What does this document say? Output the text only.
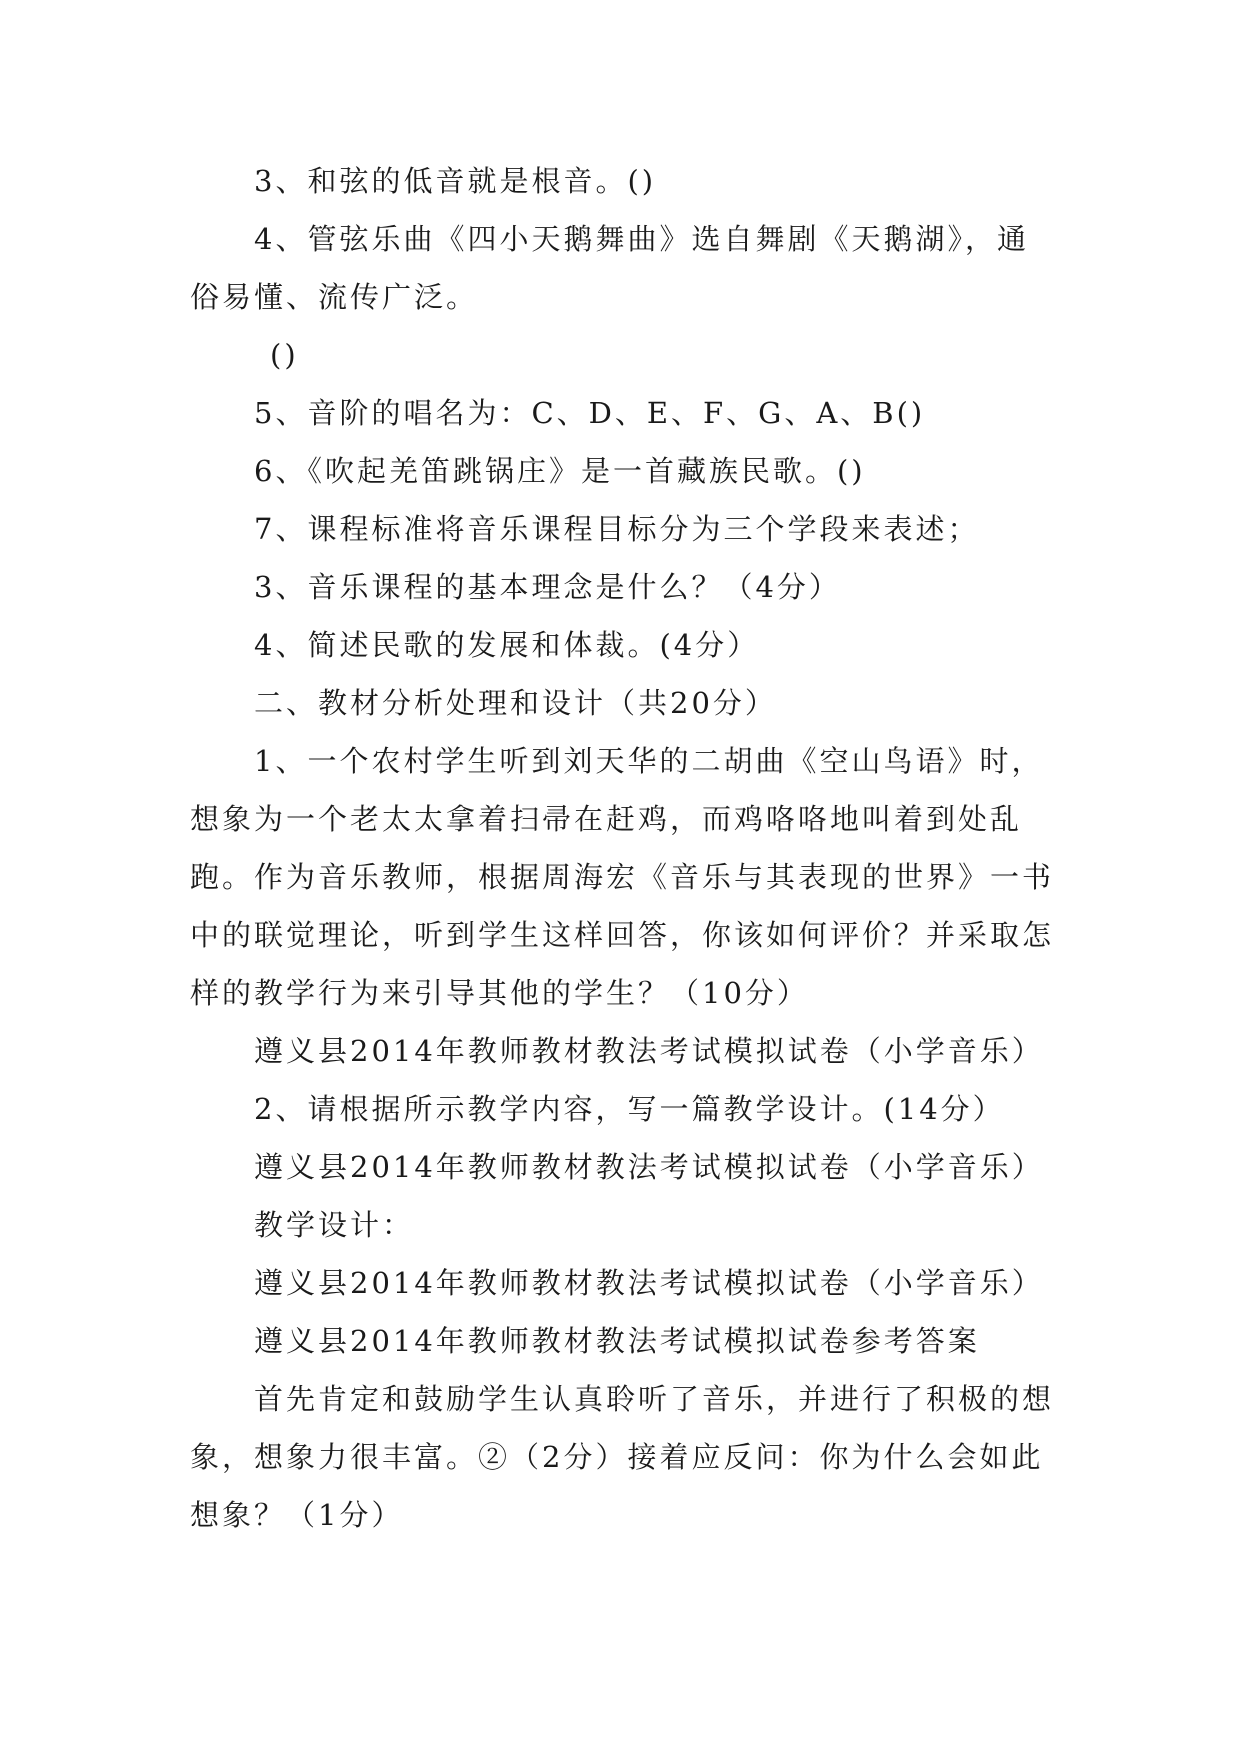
3、和弦的低音就是根音。()

4、管弦乐曲《四小天鹅舞曲》选自舞剧《天鹅湖》，通俗易懂、流传广泛。

()

5、音阶的唱名为：C、D、E、F、G、A、B()

6、《吹起羌笛跳锅庄》是一首藏族民歌。()

7、课程标准将音乐课程目标分为三个学段来表述；

3、音乐课程的基本理念是什么？（4分）

4、简述民歌的发展和体裁。(4分）

二、教材分析处理和设计（共20分）

1、一个农村学生听到刘天华的二胡曲《空山鸟语》时，想象为一个老太太拿着扫帚在赶鸡，而鸡咯咯地叫着到处乱跑。作为音乐教师，根据周海宏《音乐与其表现的世界》一书中的联觉理论，听到学生这样回答，你该如何评价？并采取怎样的教学行为来引导其他的学生？（10分）

遵义县2014年教师教材教法考试模拟试卷（小学音乐）

2、请根据所示教学内容，写一篇教学设计。(14分）

遵义县2014年教师教材教法考试模拟试卷（小学音乐）

教学设计：

遵义县2014年教师教材教法考试模拟试卷（小学音乐）

遵义县2014年教师教材教法考试模拟试卷参考答案

首先肯定和鼓励学生认真聆听了音乐，并进行了积极的想象，想象力很丰富。②（2分）接着应反问：你为什么会如此想象？（1分）
